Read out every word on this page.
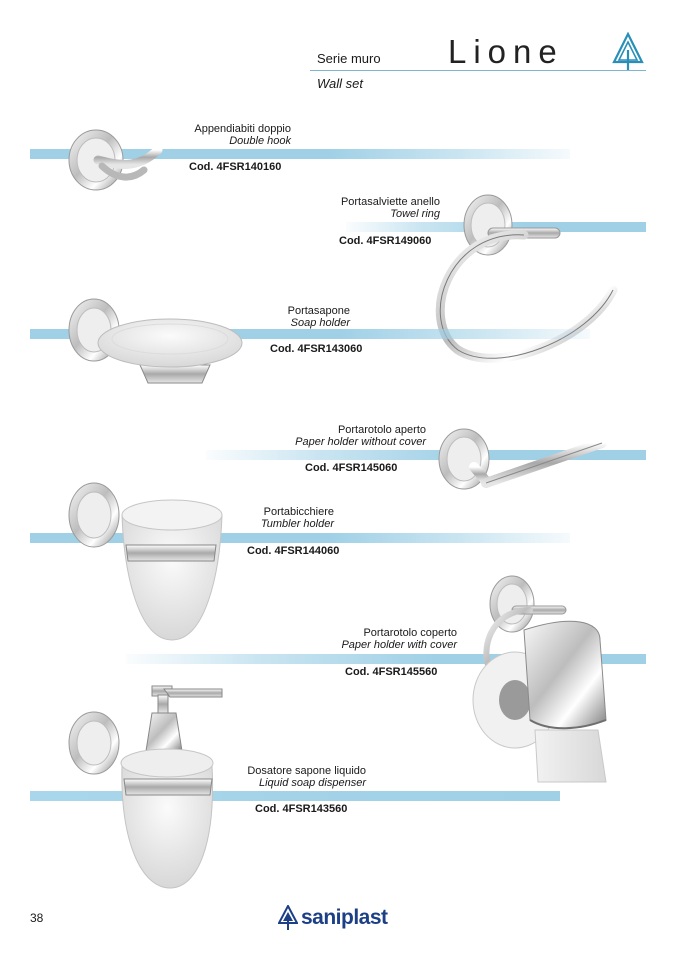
Serie muro
Wall set
Lione
Appendiabiti doppio
Double hook
Cod. 4FSR140160
Portasalviette anello
Towel ring
Cod. 4FSR149060
Portasapone
Soap holder
Cod. 4FSR143060
Portarotolo aperto
Paper holder without cover
Cod. 4FSR145060
Portabicchiere
Tumbler holder
Cod. 4FSR144060
Portarotolo coperto
Paper holder with cover
Cod. 4FSR145560
Dosatore sapone liquido
Liquid soap dispenser
Cod. 4FSR143560
38	saniplast
